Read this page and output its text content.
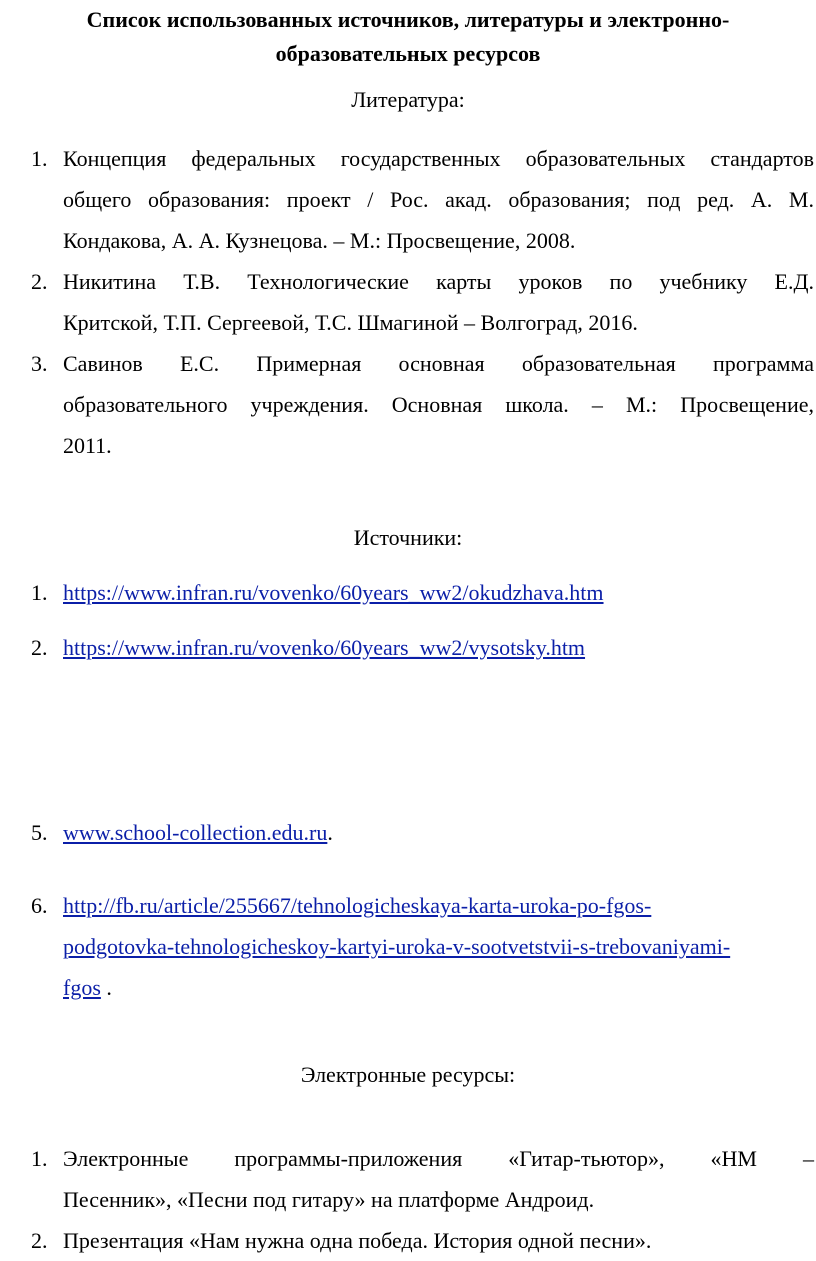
Список использованных источников, литературы и электронно-
образовательных ресурсов
Литература:
1. Концепция федеральных государственных образовательных стандартов
общего образования: проект / Рос. акад. образования; под ред. А. М.
Кондакова, А. А. Кузнецова. – М.: Просвещение, 2008.
2. Никитина Т.В. Технологические карты уроков по учебнику Е.Д.
Критской, Т.П. Сергеевой, Т.С. Шмагиной – Волгоград, 2016.
3. Савинов Е.С. Примерная основная образовательная программа
образовательного учреждения. Основная школа. – М.: Просвещение,
2011.
Источники:
1. https://www.infran.ru/vovenko/60years_ww2/okudzhava.htm
2. https://www.infran.ru/vovenko/60years_ww2/vysotsky.htm
5. www.school-collection.edu.ru.
6. http://fb.ru/article/255667/tehnologicheskaya-karta-uroka-po-fgos-
podgotovka-tehnologicheskoy-kartyi-uroka-v-sootvetstvii-s-trebovaniyami-
fgos .
Электронные ресурсы:
1. Электронные программы-приложения «Гитар-тьютор», «HM –
Песенник», «Песни под гитару» на платформе Андроид.
2. Презентация «Нам нужна одна победа. История одной песни».
